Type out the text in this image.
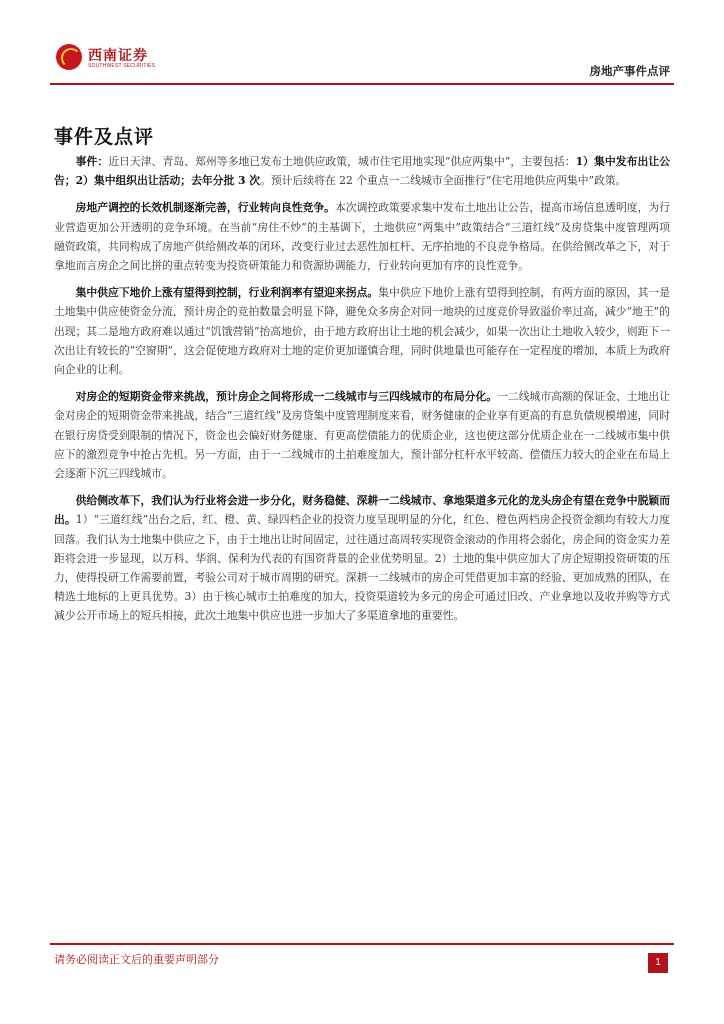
西南证券
SOUTHWEST SECURITIES	房地产事件点评
事件及点评

事件：近日天津、青岛、郑州等多地已发布土地供应政策，城市住宅用地实现“供应两集中”，主要包括：1）集中发布出让公告；2）集中组织出让活动；去年分批 3 次。预计后续将在 22 个重点一二线城市全面推行“住宅用地供应两集中”政策。

房地产调控的长效机制逐渐完善，行业转向良性竞争。本次调控政策要求集中发布土地出让公告，提高市场信息透明度，为行业营造更加公开透明的竞争环境。在当前“房住不炒”的主基调下，土地供应“两集中”政策结合“三道红线”及房贷集中度管理两项融资政策，共同构成了房地产供给侧改革的闭环，改变行业过去恶性加杠杆、无序拍地的不良竞争格局。在供给侧改革之下，对于拿地而言房企之间比拼的重点转变为投资研策能力和资源协调能力，行业转向更加有序的良性竞争。

集中供应下地价上涨有望得到控制，行业利润率有望迎来拐点。集中供应下地价上涨有望得到控制，有两方面的原因，其一是土地集中供应使资金分流，预计房企的竞拍数量会明显下降，避免众多房企对同一地块的过度竞价导致溢价率过高，减少“地王”的出现；其二是地方政府难以通过“饥饿营销”抬高地价，由于地方政府出让土地的机会减少，如果一次出让土地收入较少，则距下一次出让有较长的“空窗期”，这会促使地方政府对土地的定价更加谨慎合理，同时供地量也可能存在一定程度的增加，本质上为政府向企业的让利。

对房企的短期资金带来挑战，预计房企之间将形成一二线城市与三四线城市的布局分化。一二线城市高额的保证金、土地出让金对房企的短期资金带来挑战，结合“三道红线”及房贷集中度管理制度来看，财务健康的企业享有更高的有息负债规模增速，同时在银行房贷受到限制的情况下，资金也会偏好财务健康、有更高偿债能力的优质企业，这也使这部分优质企业在一二线城市集中供应下的激烈竞争中抢占先机。另一方面，由于一二线城市的土拍难度加大，预计部分杠杆水平较高、偿债压力较大的企业在布局上会逐渐下沉三四线城市。

供给侧改革下，我们认为行业将会进一步分化，财务稳健、深耕一二线城市、拿地渠道多元化的龙头房企有望在竞争中脱颖而出。1）“三道红线”出台之后，红、橙、黄、绿四档企业的投资力度呈现明显的分化，红色、橙色两档房企投资金额均有较大力度回落。我们认为土地集中供应之下，由于土地出让时间固定，过往通过高周转实现资金滚动的作用将会弱化，房企间的资金实力差距将会进一步显现，以万科、华润、保利为代表的有国资背景的企业优势明显。2）土地的集中供应加大了房企短期投资研策的压力，使得投研工作需要前置，考验公司对于城市周期的研究。深耕一二线城市的房企可凭借更加丰富的经验、更加成熟的团队，在精选土地标的上更具优势。3）由于核心城市土拍难度的加大，投资渠道较为多元的房企可通过旧改、产业拿地以及收并购等方式减少公开市场上的短兵相接，此次土地集中供应也进一步加大了多渠道拿地的重要性。

请务必阅读正文后的重要声明部分	1
